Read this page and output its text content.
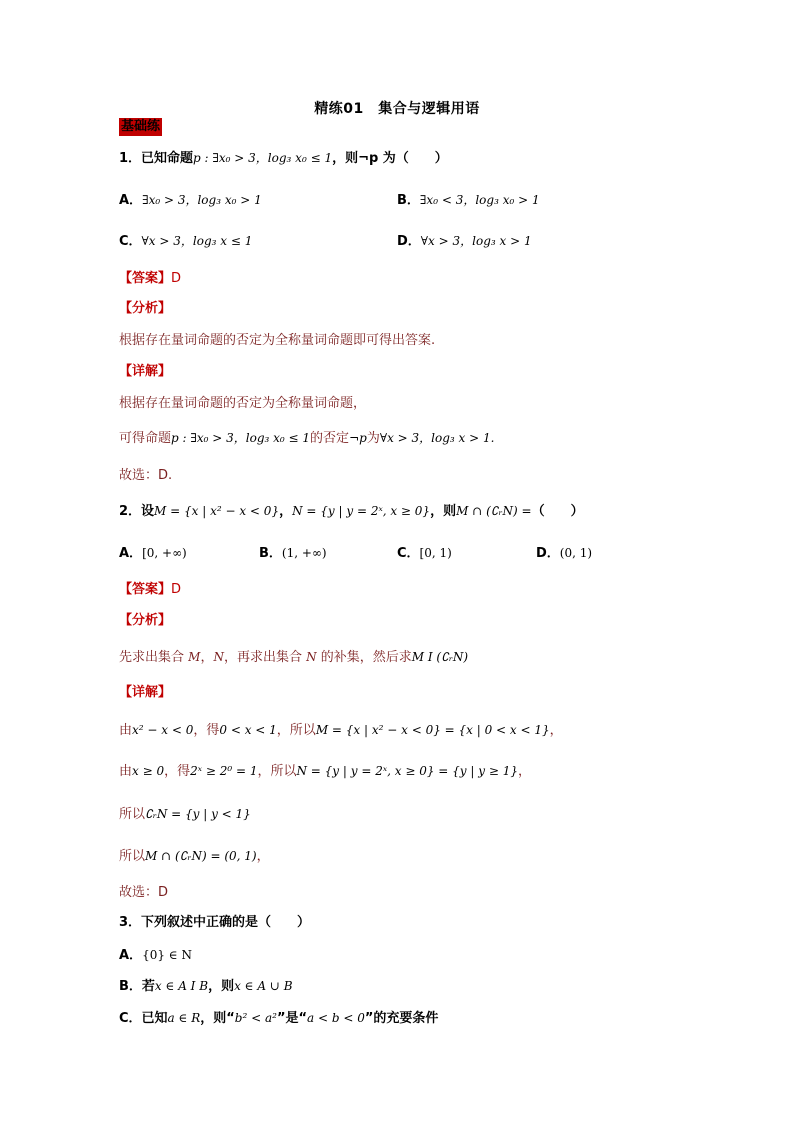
精练01　集合与逻辑用语
基础练
1．已知命题p : ∃x₀ > 3，log₃ x₀ ≤ 1，则¬p 为（　　）
A．∃x₀ > 3，log₃ x₀ > 1	B．∃x₀ < 3，log₃ x₀ > 1
C．∀x > 3，log₃ x ≤ 1	D．∀x > 3，log₃ x > 1
【答案】D
【分析】
根据存在量词命题的否定为全称量词命题即可得出答案.
【详解】
根据存在量词命题的否定为全称量词命题，
可得命题p : ∃x₀ > 3，log₃ x₀ ≤ 1的否定¬p为∀x > 3，log₃ x > 1.
故选：D.
2．设M = {x | x² − x < 0}，N = {y | y = 2ˣ, x ≥ 0}，则M ∩ (∁ᵣN) =（　　）
A．[0, +∞)	B．(1, +∞)	C．[0, 1)	D．(0, 1)
【答案】D
【分析】
先求出集合 M，N，再求出集合 N 的补集，然后求M I (∁ᵣN)
【详解】
由x² − x < 0，得0 < x < 1，所以M = {x | x² − x < 0} = {x | 0 < x < 1}，
由x ≥ 0，得2ˣ ≥ 2⁰ = 1，所以N = {y | y = 2ˣ, x ≥ 0} = {y | y ≥ 1}，
所以∁ᵣN = {y | y < 1}
所以M ∩ (∁ᵣN) = (0, 1)，
故选：D
3．下列叙述中正确的是（　　）
A．{0} ∈ N
B．若x ∈ A I B，则x ∈ A ∪ B
C．已知a ∈ R，则“b² < a²”是“a < b < 0”的充要条件
